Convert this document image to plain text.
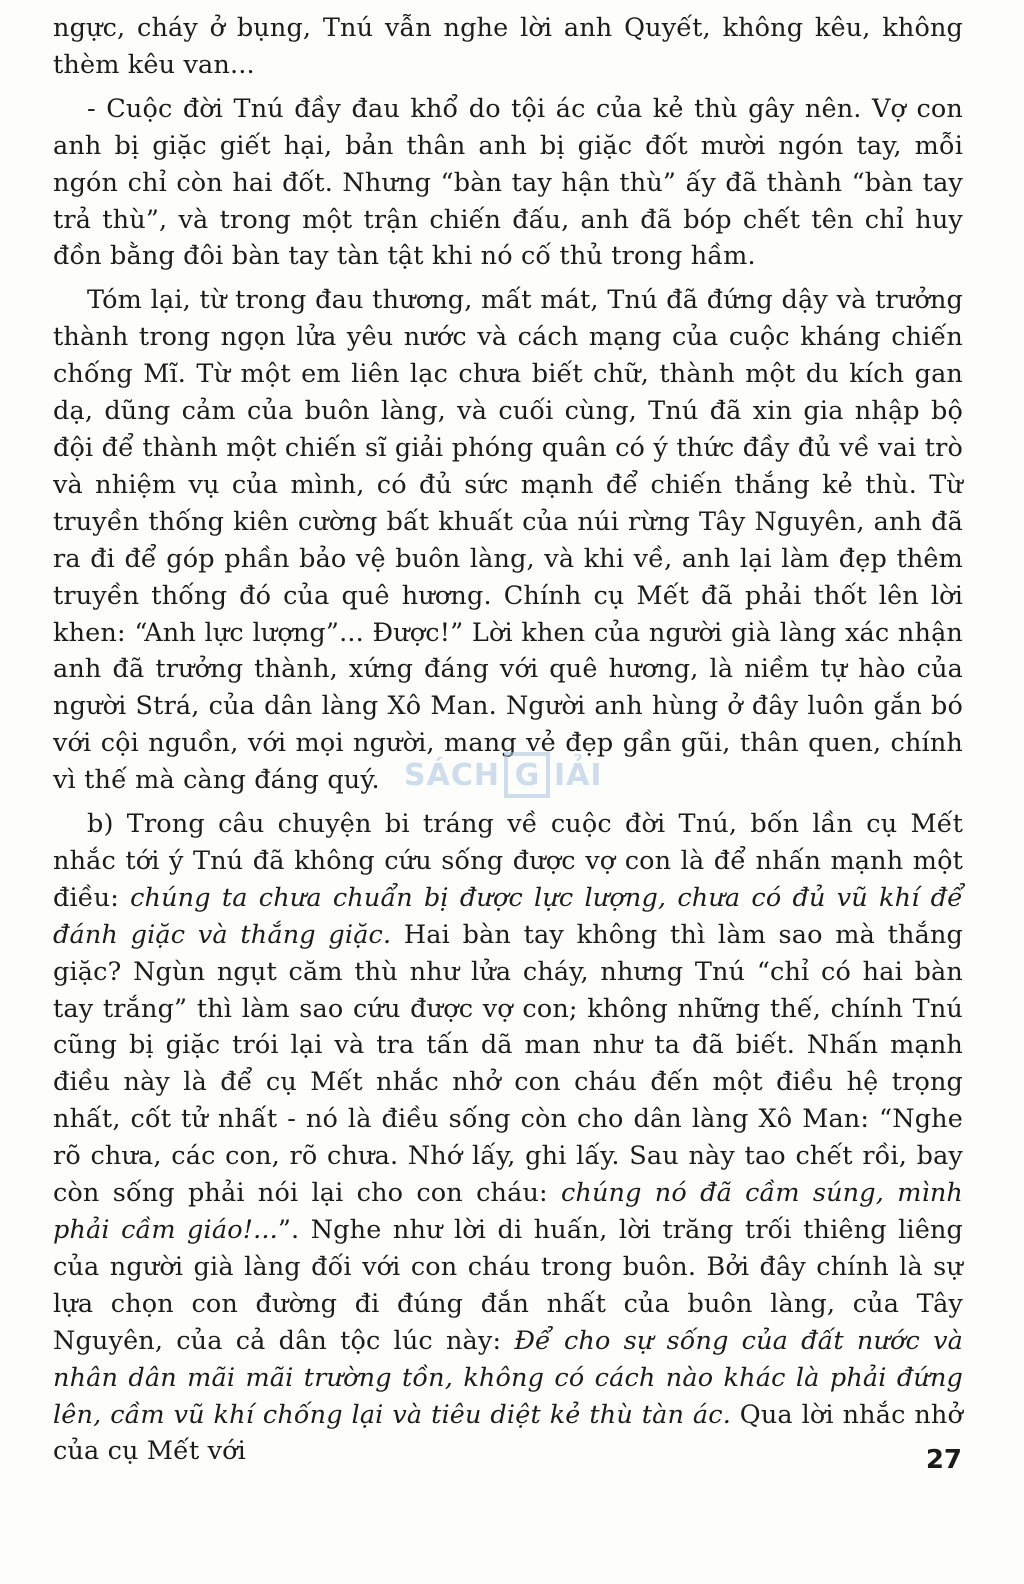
ngực, cháy ở bụng, Tnú vẫn nghe lời anh Quyết, không kêu, không thèm kêu van...

- Cuộc đời Tnú đầy đau khổ do tội ác của kẻ thù gây nên. Vợ con anh bị giặc giết hại, bản thân anh bị giặc đốt mười ngón tay, mỗi ngón chỉ còn hai đốt. Nhưng “bàn tay hận thù” ấy đã thành “bàn tay trả thù”, và trong một trận chiến đấu, anh đã bóp chết tên chỉ huy đồn bằng đôi bàn tay tàn tật khi nó cố thủ trong hầm.

Tóm lại, từ trong đau thương, mất mát, Tnú đã đứng dậy và trưởng thành trong ngọn lửa yêu nước và cách mạng của cuộc kháng chiến chống Mĩ. Từ một em liên lạc chưa biết chữ, thành một du kích gan dạ, dũng cảm của buôn làng, và cuối cùng, Tnú đã xin gia nhập bộ đội để thành một chiến sĩ giải phóng quân có ý thức đầy đủ về vai trò và nhiệm vụ của mình, có đủ sức mạnh để chiến thắng kẻ thù. Từ truyền thống kiên cường bất khuất của núi rừng Tây Nguyên, anh đã ra đi để góp phần bảo vệ buôn làng, và khi về, anh lại làm đẹp thêm truyền thống đó của quê hương. Chính cụ Mết đã phải thốt lên lời khen: “Anh lực lượng”... Được!” Lời khen của người già làng xác nhận anh đã trưởng thành, xứng đáng với quê hương, là niềm tự hào của người Strá, của dân làng Xô Man. Người anh hùng ở đây luôn gắn bó với cội nguồn, với mọi người, mang vẻ đẹp gần gũi, thân quen, chính vì thế mà càng đáng quý.

b) Trong câu chuyện bi tráng về cuộc đời Tnú, bốn lần cụ Mết nhắc tới ý Tnú đã không cứu sống được vợ con là để nhấn mạnh một điều: chúng ta chưa chuẩn bị được lực lượng, chưa có đủ vũ khí để đánh giặc và thắng giặc. Hai bàn tay không thì làm sao mà thắng giặc? Ngùn ngụt căm thù như lửa cháy, nhưng Tnú “chỉ có hai bàn tay trắng” thì làm sao cứu được vợ con; không những thế, chính Tnú cũng bị giặc trói lại và tra tấn dã man như ta đã biết. Nhấn mạnh điều này là để cụ Mết nhắc nhở con cháu đến một điều hệ trọng nhất, cốt tử nhất - nó là điều sống còn cho dân làng Xô Man: “Nghe rõ chưa, các con, rõ chưa. Nhớ lấy, ghi lấy. Sau này tao chết rồi, bay còn sống phải nói lại cho con cháu: chúng nó đã cầm súng, mình phải cầm giáo!...”. Nghe như lời di huấn, lời trăng trối thiêng liêng của người già làng đối với con cháu trong buôn. Bởi đây chính là sự lựa chọn con đường đi đúng đắn nhất của buôn làng, của Tây Nguyên, của cả dân tộc lúc này: Để cho sự sống của đất nước và nhân dân mãi mãi trường tồn, không có cách nào khác là phải đứng lên, cầm vũ khí chống lại và tiêu diệt kẻ thù tàn ác. Qua lời nhắc nhở của cụ Mết với

SÁCH G IẢI
27
